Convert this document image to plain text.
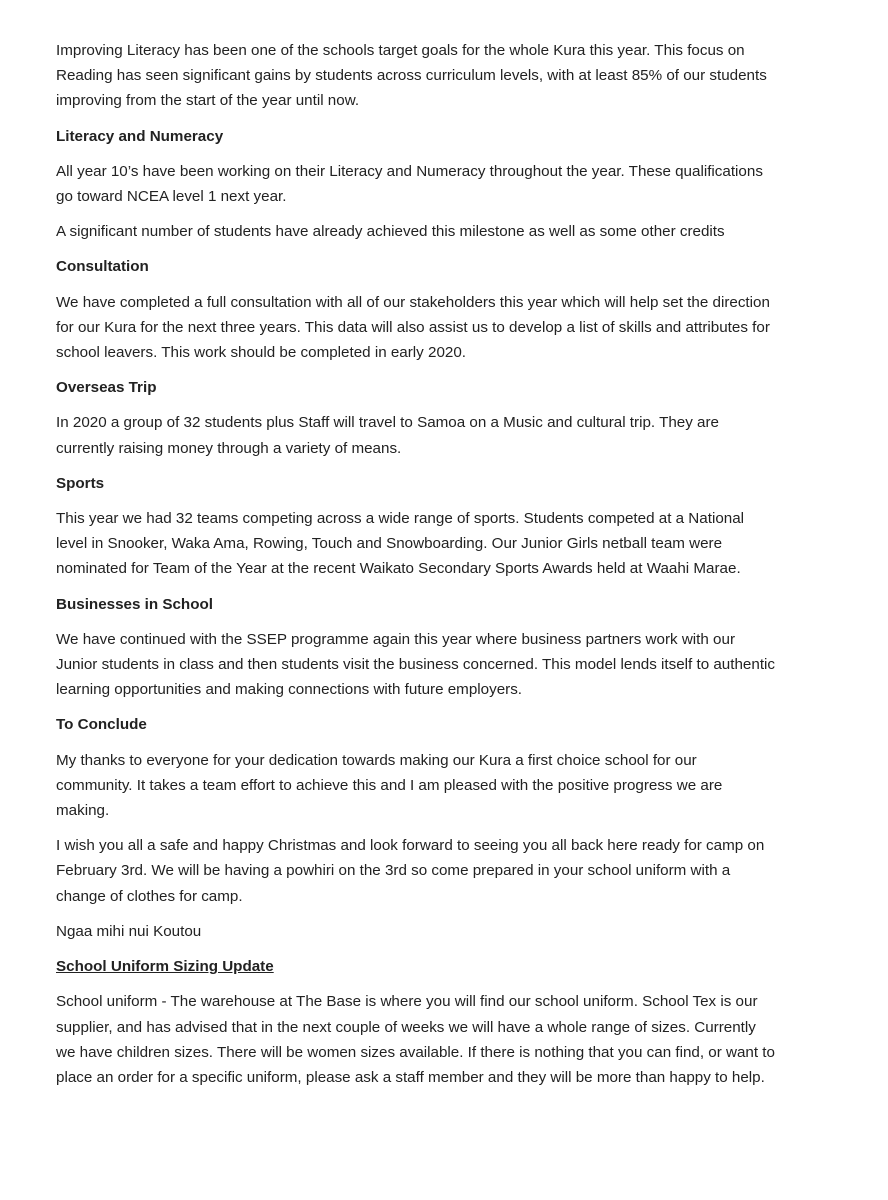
Improving Literacy has been one of the schools target goals for the whole Kura this year. This focus on Reading has seen significant gains by students across curriculum levels, with at least 85% of our students improving from the start of the year until now.

Literacy and Numeracy

All year 10’s have been working on their Literacy and Numeracy throughout the year. These qualifications go toward NCEA level 1 next year.

A significant number of students have already achieved this milestone as well as some other credits

Consultation

We have completed a full consultation with all of our stakeholders this year which will help set the direction for our Kura for the next three years. This data will also assist us to develop a list of skills and attributes for school leavers. This work should be completed in early 2020.

Overseas Trip

In 2020 a group of 32 students plus Staff will travel to Samoa on a Music and cultural trip. They are currently raising money through a variety of means.

Sports

This year we had 32 teams competing across a wide range of sports. Students competed at a National level in Snooker, Waka Ama, Rowing, Touch and Snowboarding. Our Junior Girls netball team were nominated for Team of the Year at the recent Waikato Secondary Sports Awards held at Waahi Marae.

Businesses in School

We have continued with the SSEP programme again this year where business partners work with our Junior students in class and then students visit the business concerned. This model lends itself to authentic learning opportunities and making connections with future employers.

To Conclude

My thanks to everyone for your dedication towards making our Kura a first choice school for our community. It takes a team effort to achieve this and I am pleased with the positive progress we are making.

I wish you all a safe and happy Christmas and look forward to seeing you all back here ready for camp on February 3rd. We will be having a powhiri on the 3rd so come prepared in your school uniform with a change of clothes for camp.

Ngaa mihi nui Koutou

School Uniform Sizing Update

School uniform - The warehouse at The Base is where you will find our school uniform. School Tex is our supplier, and has advised that in the next couple of weeks we will have a whole range of sizes. Currently we have children sizes. There will be women sizes available. If there is nothing that you can find, or want to place an order for a specific uniform, please ask a staff member and they will be more than happy to help.
